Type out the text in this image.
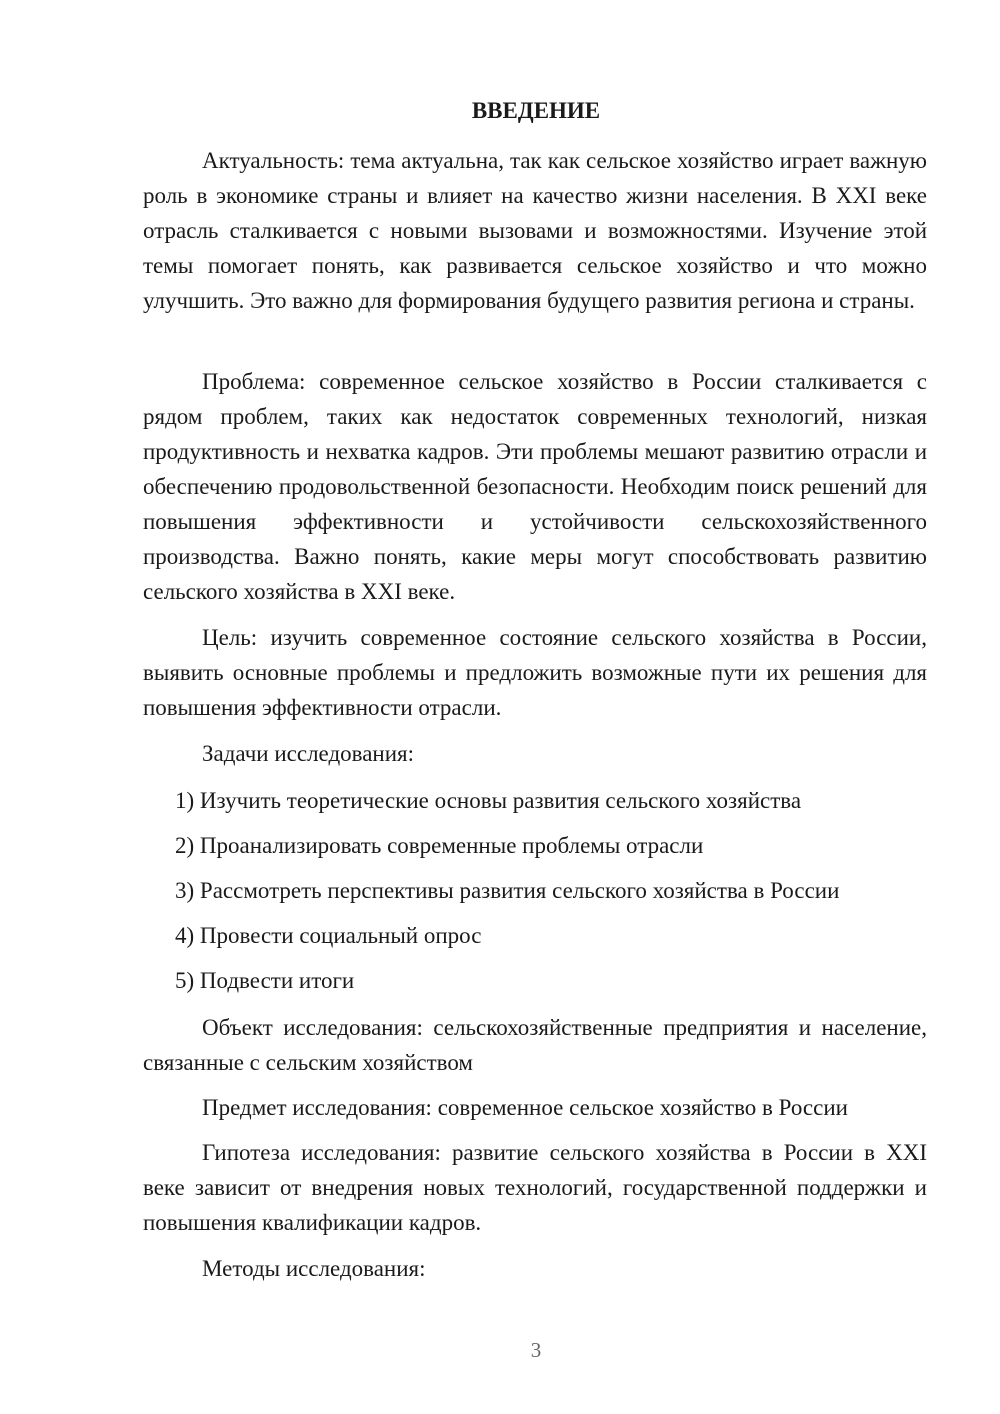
ВВЕДЕНИЕ

Актуальность: тема актуальна, так как сельское хозяйство играет важную роль в экономике страны и влияет на качество жизни населения. В XXI веке отрасль сталкивается с новыми вызовами и возможностями. Изучение этой темы помогает понять, как развивается сельское хозяйство и что можно улучшить. Это важно для формирования будущего развития региона и страны.

Проблема: современное сельское хозяйство в России сталкивается с рядом проблем, таких как недостаток современных технологий, низкая продуктивность и нехватка кадров. Эти проблемы мешают развитию отрасли и обеспечению продовольственной безопасности. Необходим поиск решений для повышения эффективности и устойчивости сельскохозяйственного производства. Важно понять, какие меры могут способствовать развитию сельского хозяйства в XXI веке.

Цель: изучить современное состояние сельского хозяйства в России, выявить основные проблемы и предложить возможные пути их решения для повышения эффективности отрасли.

Задачи исследования:
1) Изучить теоретические основы развития сельского хозяйства
2) Проанализировать современные проблемы отрасли
3) Рассмотреть перспективы развития сельского хозяйства в России
4) Провести социальный опрос
5) Подвести итоги

Объект исследования: сельскохозяйственные предприятия и население, связанные с сельским хозяйством

Предмет исследования: современное сельское хозяйство в России

Гипотеза исследования: развитие сельского хозяйства в России в XXI веке зависит от внедрения новых технологий, государственной поддержки и повышения квалификации кадров.

Методы исследования:
3
